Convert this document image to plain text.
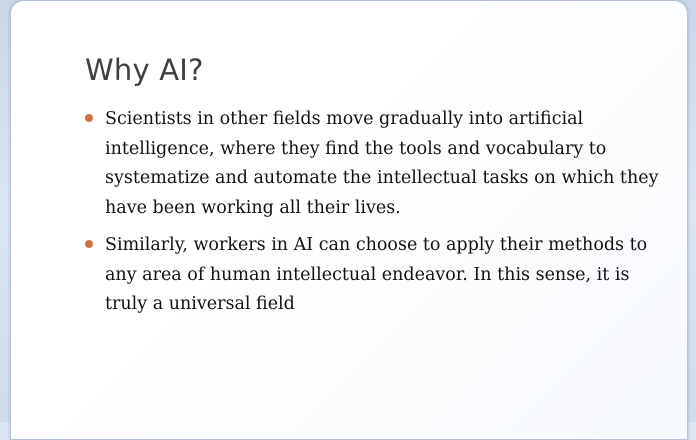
Why AI?
Scientists in other fields move gradually into artificial intelligence, where they find the tools and vocabulary to systematize and automate the intellectual tasks on which they have been working all their lives.
Similarly, workers in AI can choose to apply their methods to any area of human intellectual endeavor. In this sense, it is truly a universal field
